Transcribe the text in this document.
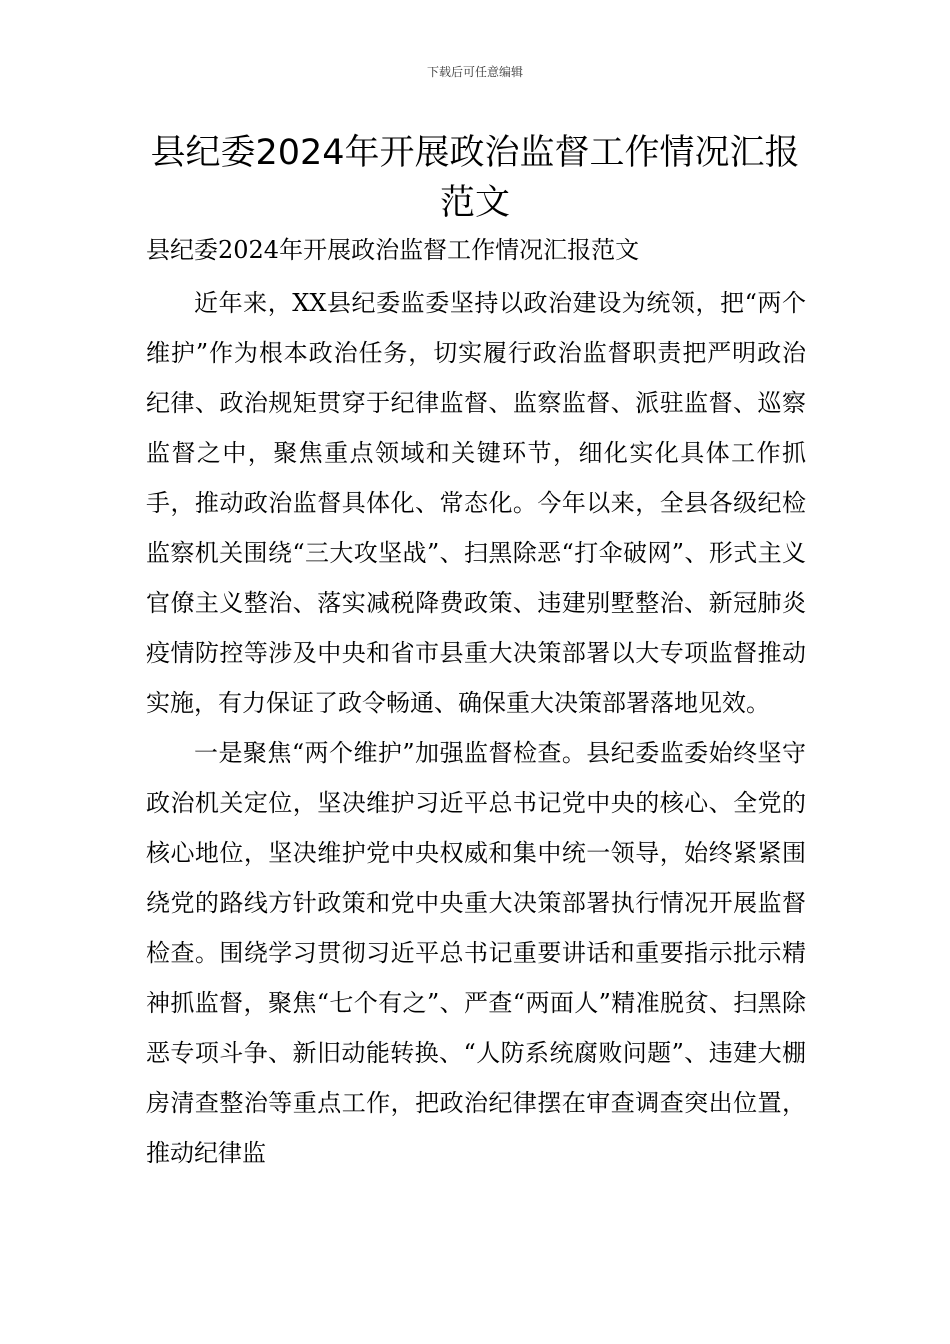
下载后可任意编辑
县纪委2024年开展政治监督工作情况汇报范文
县纪委2024年开展政治监督工作情况汇报范文

近年来，XX县纪委监委坚持以政治建设为统领，把“两个维护”作为根本政治任务，切实履行政治监督职责把严明政治纪律、政治规矩贯穿于纪律监督、监察监督、派驻监督、巡察监督之中，聚焦重点领域和关键环节，细化实化具体工作抓手，推动政治监督具体化、常态化。今年以来，全县各级纪检监察机关围绕“三大攻坚战”、扫黑除恶“打伞破网”、形式主义官僚主义整治、落实减税降费政策、违建别墅整治、新冠肺炎疫情防控等涉及中央和省市县重大决策部署以大专项监督推动实施，有力保证了政令畅通、确保重大决策部署落地见效。

一是聚焦“两个维护”加强监督检查。县纪委监委始终坚守政治机关定位，坚决维护习近平总书记党中央的核心、全党的核心地位，坚决维护党中央权威和集中统一领导，始终紧紧围绕党的路线方针政策和党中央重大决策部署执行情况开展监督检查。围绕学习贯彻习近平总书记重要讲话和重要指示批示精神抓监督，聚焦“七个有之”、严查“两面人”精准脱贫、扫黑除恶专项斗争、新旧动能转换、“人防系统腐败问题”、违建大棚房清查整治等重点工作，把政治纪律摆在审查调查突出位置，推动纪律监
